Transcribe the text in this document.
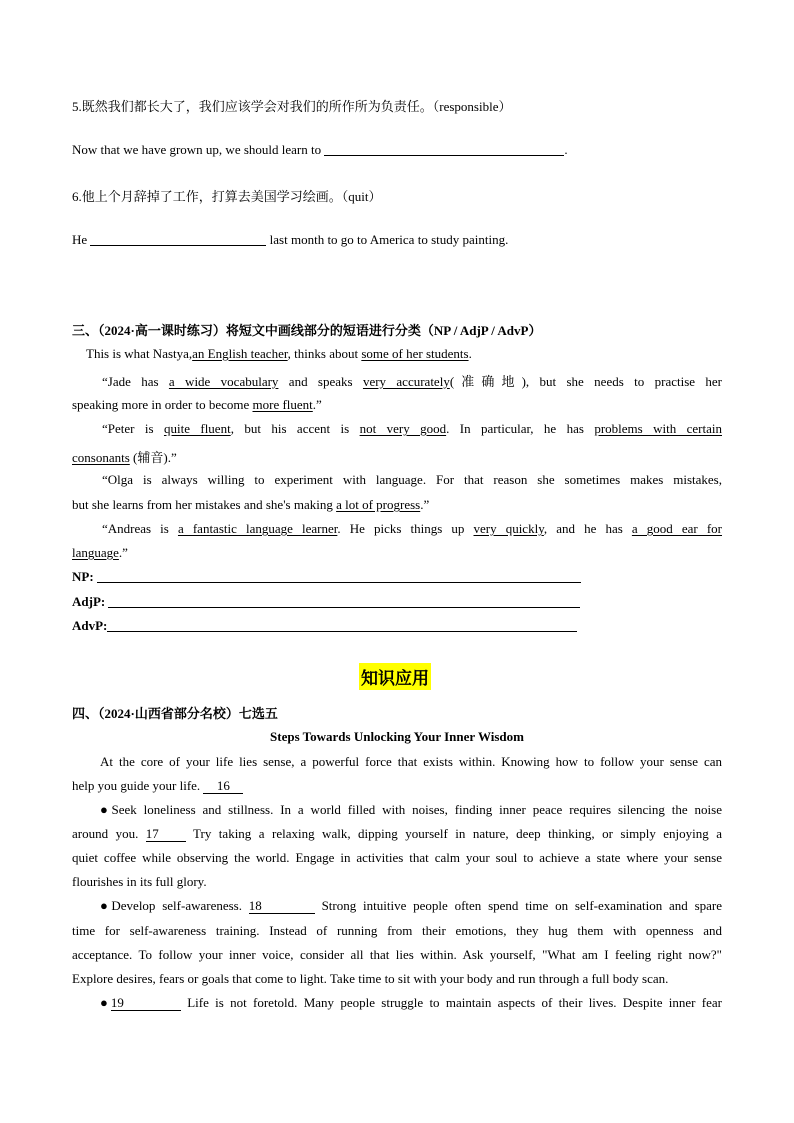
5.既然我们都长大了，我们应该学会对我们的所作所为负责任。（responsible）
Now that we have grown up, we should learn to	.
6.他上个月辞掉了工作，打算去美国学习绘画。（quit）
He	last month to go to America to study painting.
三、（2024·高一课时练习）将短文中画线部分的短语进行分类（NP / AdjP / AdvP）
This is what Nastya,an English teacher, thinks about some of her students.
“Jade has a wide vocabulary and speaks very accurately(准确地), but she needs to practise her
speaking more in order to become more fluent.”
“Peter is quite fluent, but his accent is not very good. In particular, he has problems with certain
consonants (辅音).”
“Olga is always willing to experiment with language. For that reason she sometimes makes mistakes,
but she learns from her mistakes and she's making a lot of progress.”
“Andreas is a fantastic language learner. He picks things up very quickly, and he has a good ear for
language.”
NP:
AdjP:
AdvP:
知识应用
四、（2024·山西省部分名校）七选五
Steps Towards Unlocking Your Inner Wisdom
At the core of your life lies sense, a powerful force that exists within. Knowing how to follow your sense can
help you guide your life. 16
●Seek loneliness and stillness. In a world filled with noises, finding inner peace requires silencing the noise
around you. 17	Try taking a relaxing walk, dipping yourself in nature, deep thinking, or simply enjoying a
quiet coffee while observing the world. Engage in activities that calm your soul to achieve a state where your sense
flourishes in its full glory.
●Develop self-awareness. 18	Strong intuitive people often spend time on self-examination and spare
time for self-awareness training. Instead of running from their emotions, they hug them with openness and
acceptance. To follow your inner voice, consider all that lies within. Ask yourself, "What am I feeling right now?"
Explore desires, fears or goals that come to light. Take time to sit with your body and run through a full body scan.
●19	Life is not foretold. Many people struggle to maintain aspects of their lives. Despite inner fear
